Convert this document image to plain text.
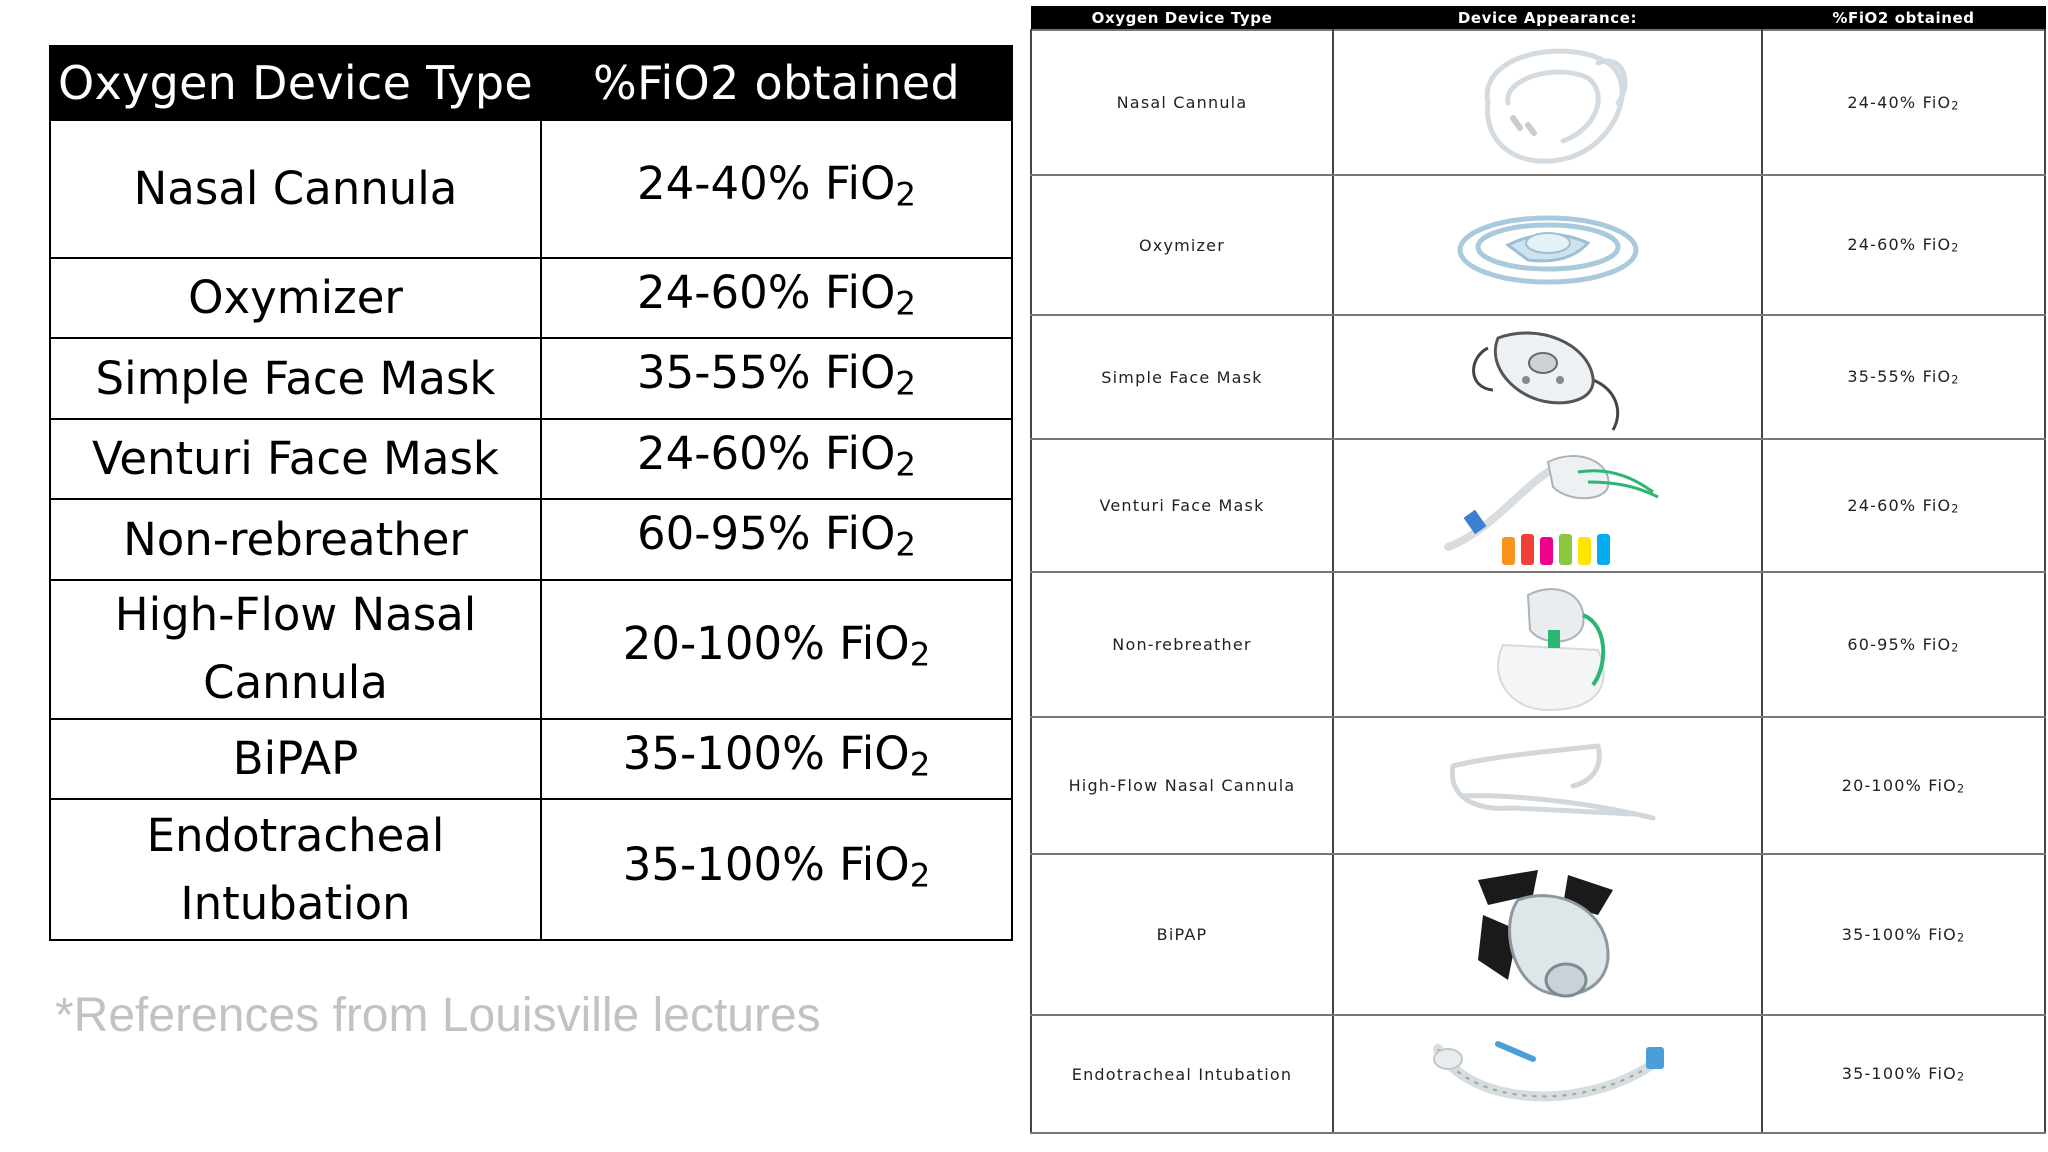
Oxygen Device Type	%FiO2 obtained
Nasal Cannula	24-40% FiO$_2$
Oxymizer	24-60% FiO$_2$
Simple Face Mask	35-55% FiO$_2$
Venturi Face Mask	24-60% FiO$_2$
Non-rebreather	60-95% FiO$_2$
High-Flow Nasal
Cannula	20-100% FiO$_2$
BiPAP	35-100% FiO$_2$
Endotracheal
Intubation	35-100% FiO$_2$
*References from Louisville lectures
Oxygen Device Type	Device Appearance:	%FiO2 obtained
Nasal Cannula		24-40% FiO2
Oxymizer		24-60% FiO2
Simple Face Mask		35-55% FiO2
Venturi Face Mask		24-60% FiO2
Non-rebreather		60-95% FiO2
High-Flow Nasal Cannula		20-100% FiO2
BiPAP		35-100% FiO2
Endotracheal Intubation		35-100% FiO2
